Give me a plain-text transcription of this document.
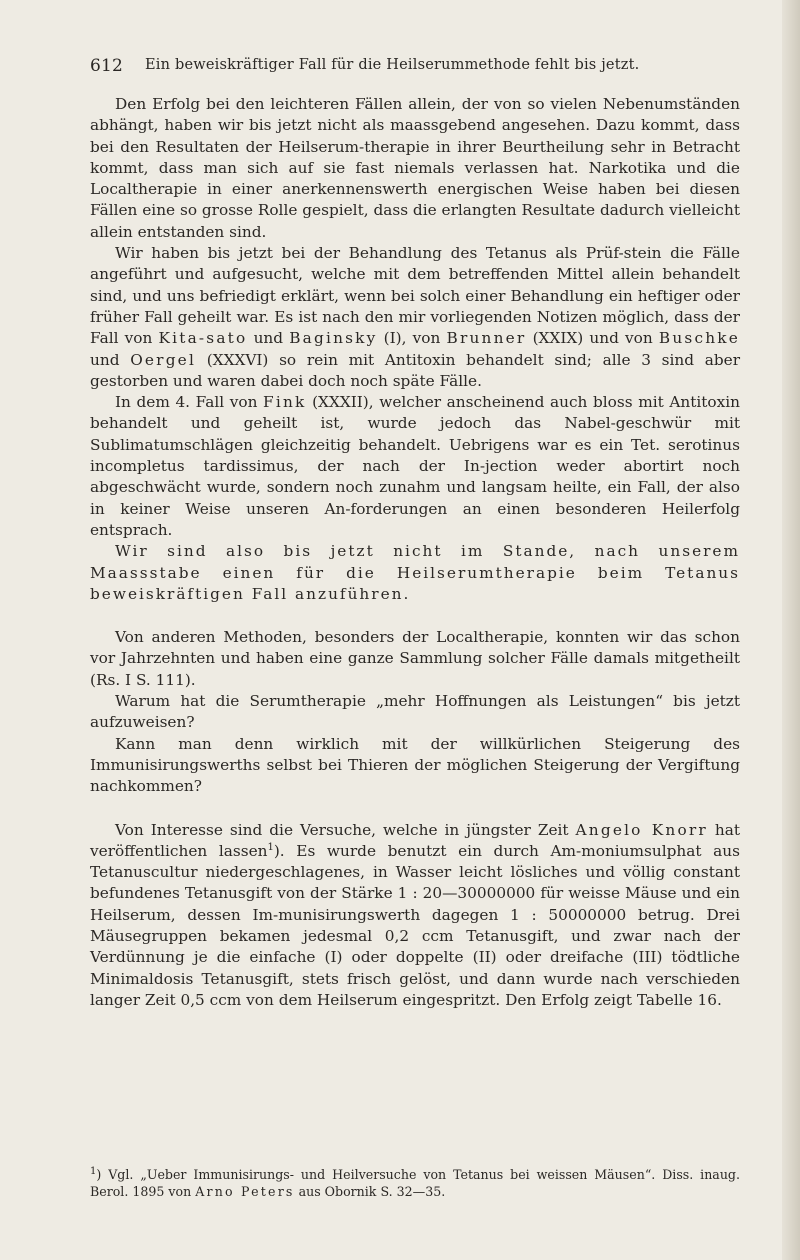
612 Ein beweiskräftiger Fall für die Heilserummethode fehlt bis jetzt.

Den Erfolg bei den leichteren Fällen allein, der von so vielen Nebenumständen abhängt, haben wir bis jetzt nicht als maassgebend angesehen. Dazu kommt, dass bei den Resultaten der Heilserum-therapie in ihrer Beurtheilung sehr in Betracht kommt, dass man sich auf sie fast niemals verlassen hat. Narkotika und die Localtherapie in einer anerkennenswerth energischen Weise haben bei diesen Fällen eine so grosse Rolle gespielt, dass die erlangten Resultate dadurch vielleicht allein entstanden sind.

Wir haben bis jetzt bei der Behandlung des Tetanus als Prüf-stein die Fälle angeführt und aufgesucht, welche mit dem betreffenden Mittel allein behandelt sind, und uns befriedigt erklärt, wenn bei solch einer Behandlung ein heftiger oder früher Fall geheilt war. Es ist nach den mir vorliegenden Notizen möglich, dass der Fall von Kita-sato und Baginsky (I), von Brunner (XXIX) und von Buschke und Oergel (XXXVI) so rein mit Antitoxin behandelt sind; alle 3 sind aber gestorben und waren dabei doch noch späte Fälle.

In dem 4. Fall von Fink (XXXII), welcher anscheinend auch bloss mit Antitoxin behandelt und geheilt ist, wurde jedoch das Nabel-geschwür mit Sublimatumschlägen gleichzeitig behandelt. Uebrigens war es ein Tet. serotinus incompletus tardissimus, der nach der In-jection weder abortirt noch abgeschwächt wurde, sondern noch zunahm und langsam heilte, ein Fall, der also in keiner Weise unseren An-forderungen an einen besonderen Heilerfolg entsprach.

Wir sind also bis jetzt nicht im Stande, nach unserem Maassstabe einen für die Heilserumtherapie beim Tetanus beweiskräftigen Fall anzuführen.

Von anderen Methoden, besonders der Localtherapie, konnten wir das schon vor Jahrzehnten und haben eine ganze Sammlung solcher Fälle damals mitgetheilt (Rs. I S. 111).

Warum hat die Serumtherapie „mehr Hoffnungen als Leistungen“ bis jetzt aufzuweisen?

Kann man denn wirklich mit der willkürlichen Steigerung des Immunisirungswerths selbst bei Thieren der möglichen Steigerung der Vergiftung nachkommen?

Von Interesse sind die Versuche, welche in jüngster Zeit Angelo Knorr hat veröffentlichen lassen$^1$). Es wurde benutzt ein durch Am-moniumsulphat aus Tetanuscultur niedergeschlagenes, in Wasser leicht lösliches und völlig constant befundenes Tetanusgift von der Stärke 1 : 20—30000000 für weisse Mäuse und ein Heilserum, dessen Im-munisirungswerth dagegen 1 : 50000000 betrug. Drei Mäusegruppen bekamen jedesmal 0,2 ccm Tetanusgift, und zwar nach der Verdünnung je die einfache (I) oder doppelte (II) oder dreifache (III) tödtliche Minimaldosis Tetanusgift, stets frisch gelöst, und dann wurde nach verschieden langer Zeit 0,5 ccm von dem Heilserum eingespritzt. Den Erfolg zeigt Tabelle 16.

$^1$) Vgl. „Ueber Immunisirungs- und Heilversuche von Tetanus bei weissen Mäusen“. Diss. inaug. Berol. 1895 von Arno Peters aus Obornik S. 32—35.
